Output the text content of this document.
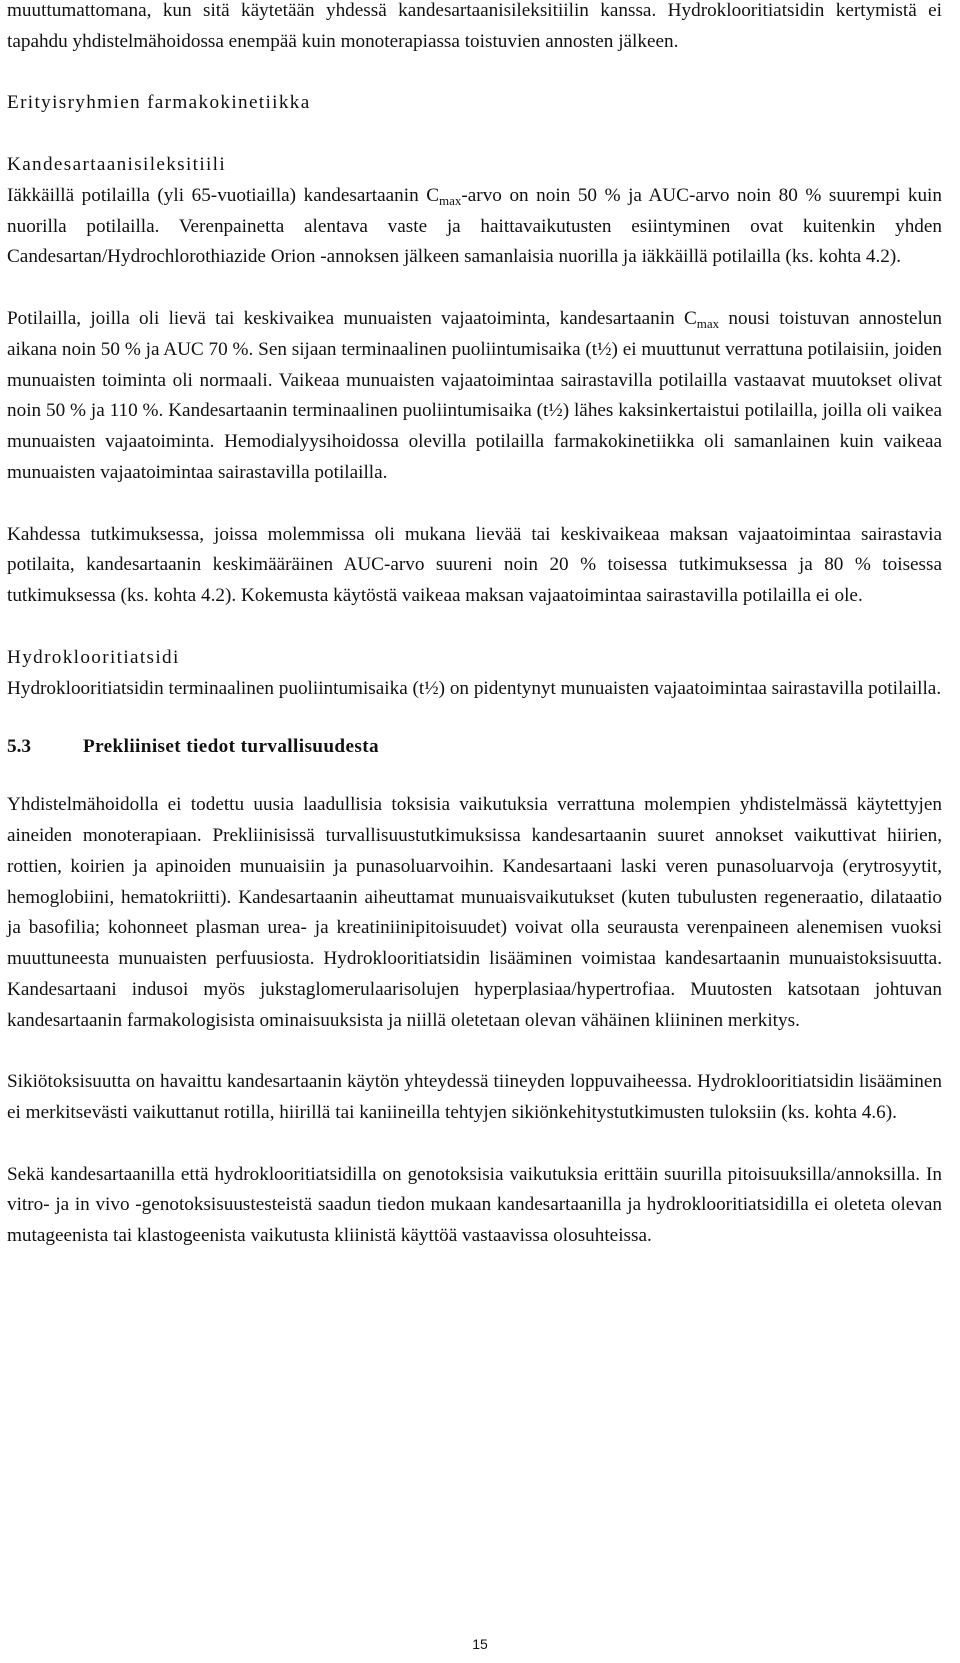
muuttumattomana, kun sitä käytetään yhdessä kandesartaanisileksitiilin kanssa. Hydroklooritiatsidin kertymistä ei tapahdu yhdistelmähoidossa enempää kuin monoterapiassa toistuvien annosten jälkeen.

Erityisryhmien farmakokinetiikka

Kandesartaanisileksitiili

Iäkkäillä potilailla (yli 65-vuotiailla) kandesartaanin $C_{max}$-arvo on noin 50 % ja AUC-arvo noin 80 % suurempi kuin nuorilla potilailla. Verenpainetta alentava vaste ja haittavaikutusten esiintyminen ovat kuitenkin yhden Candesartan/Hydrochlorothiazide Orion -annoksen jälkeen samanlaisia nuorilla ja iäkkäillä potilailla (ks. kohta 4.2).

Potilailla, joilla oli lievä tai keskivaikea munuaisten vajaatoiminta, kandesartaanin $C_{max}$ nousi toistuvan annostelun aikana noin 50 % ja AUC 70 %. Sen sijaan terminaalinen puoliintumisaika (t½) ei muuttunut verrattuna potilaisiin, joiden munuaisten toiminta oli normaali. Vaikeaa munuaisten vajaatoimintaa sairastavilla potilailla vastaavat muutokset olivat noin 50 % ja 110 %. Kandesartaanin terminaalinen puoliintumisaika (t½) lähes kaksinkertaistui potilailla, joilla oli vaikea munuaisten vajaatoiminta. Hemodialyysihoidossa olevilla potilailla farmakokinetiikka oli samanlainen kuin vaikeaa munuaisten vajaatoimintaa sairastavilla potilailla.

Kahdessa tutkimuksessa, joissa molemmissa oli mukana lievää tai keskivaikeaa maksan vajaatoimintaa sairastavia potilaita, kandesartaanin keskimääräinen AUC-arvo suureni noin 20 % toisessa tutkimuksessa ja 80 % toisessa tutkimuksessa (ks. kohta 4.2). Kokemusta käytöstä vaikeaa maksan vajaatoimintaa sairastavilla potilailla ei ole.

Hydroklooritiatsidi

Hydroklooritiatsidin terminaalinen puoliintumisaika (t½) on pidentynyt munuaisten vajaatoimintaa sairastavilla potilailla.

5.3	Prekliiniset tiedot turvallisuudesta

Yhdistelmähoidolla ei todettu uusia laadullisia toksisia vaikutuksia verrattuna molempien yhdistelmässä käytettyjen aineiden monoterapiaan. Prekliinisissä turvallisuustutkimuksissa kandesartaanin suuret annokset vaikuttivat hiirien, rottien, koirien ja apinoiden munuaisiin ja punasoluarvoihin. Kandesartaani laski veren punasoluarvoja (erytrosyytit, hemoglobiini, hematokriitti). Kandesartaanin aiheuttamat munuaisvaikutukset (kuten tubulusten regeneraatio, dilataatio ja basofilia; kohonneet plasman urea- ja kreatiniinipitoisuudet) voivat olla seurausta verenpaineen alenemisen vuoksi muuttuneesta munuaisten perfuusiosta. Hydroklooritiatsidin lisääminen voimistaa kandesartaanin munuaistoksisuutta. Kandesartaani indusoi myös jukstaglomerulaarisolujen hyperplasiaa/hypertrofiaa. Muutosten katsotaan johtuvan kandesartaanin farmakologisista ominaisuuksista ja niillä oletetaan olevan vähäinen kliininen merkitys.

Sikiötoksisuutta on havaittu kandesartaanin käytön yhteydessä tiineyden loppuvaiheessa. Hydroklooritiatsidin lisääminen ei merkitsevästi vaikuttanut rotilla, hiirillä tai kaniineilla tehtyjen sikiönkehitystutkimusten tuloksiin (ks. kohta 4.6).

Sekä kandesartaanilla että hydroklooritiatsidilla on genotoksisia vaikutuksia erittäin suurilla pitoisuuksilla/annoksilla. In vitro- ja in vivo -genotoksisuustesteistä saadun tiedon mukaan kandesartaanilla ja hydroklooritiatsidilla ei oleteta olevan mutageenista tai klastogeenista vaikutusta kliinistä käyttöä vastaavissa olosuhteissa.

15
